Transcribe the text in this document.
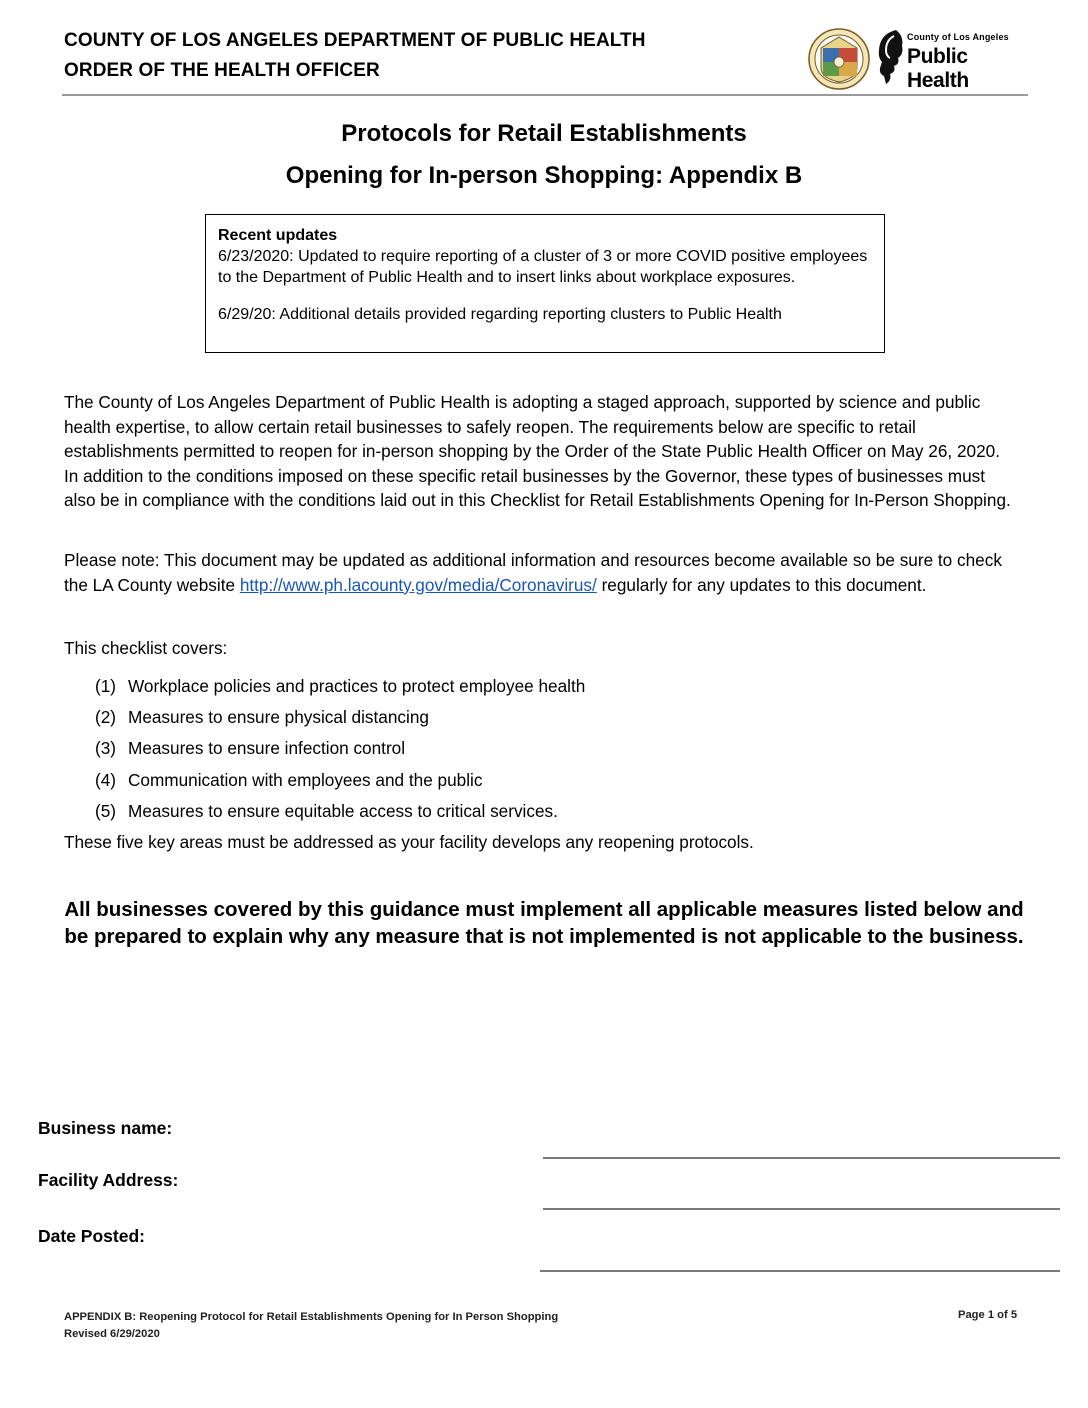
COUNTY OF LOS ANGELES DEPARTMENT OF PUBLIC HEALTH
ORDER OF THE HEALTH OFFICER
County of Los Angeles
Public Health
Protocols for Retail Establishments
Opening for In-person Shopping: Appendix B
Recent updates

6/23/2020: Updated to require reporting of a cluster of 3 or more COVID positive employees to the Department of Public Health and to insert links about workplace exposures.

6/29/20: Additional details provided regarding reporting clusters to Public Health

The County of Los Angeles Department of Public Health is adopting a staged approach, supported by science and public health expertise, to allow certain retail businesses to safely reopen. The requirements below are specific to retail establishments permitted to reopen for in-person shopping by the Order of the State Public Health Officer on May 26, 2020. In addition to the conditions imposed on these specific retail businesses by the Governor, these types of businesses must also be in compliance with the conditions laid out in this Checklist for Retail Establishments Opening for In-Person Shopping.
Please note: This document may be updated as additional information and resources become available so be sure to check the LA County website http://www.ph.lacounty.gov/media/Coronavirus/ regularly for any updates to this document.
This checklist covers:
(1) Workplace policies and practices to protect employee health
(2) Measures to ensure physical distancing
(3) Measures to ensure infection control
(4) Communication with employees and the public
(5) Measures to ensure equitable access to critical services.
These five key areas must be addressed as your facility develops any reopening protocols.
All businesses covered by this guidance must implement all applicable measures listed below and be prepared to explain why any measure that is not implemented is not applicable to the business.
Business name:
Facility Address:
Date Posted:
APPENDIX B: Reopening Protocol for Retail Establishments Opening for In Person Shopping
Revised 6/29/2020
Page 1 of 5
